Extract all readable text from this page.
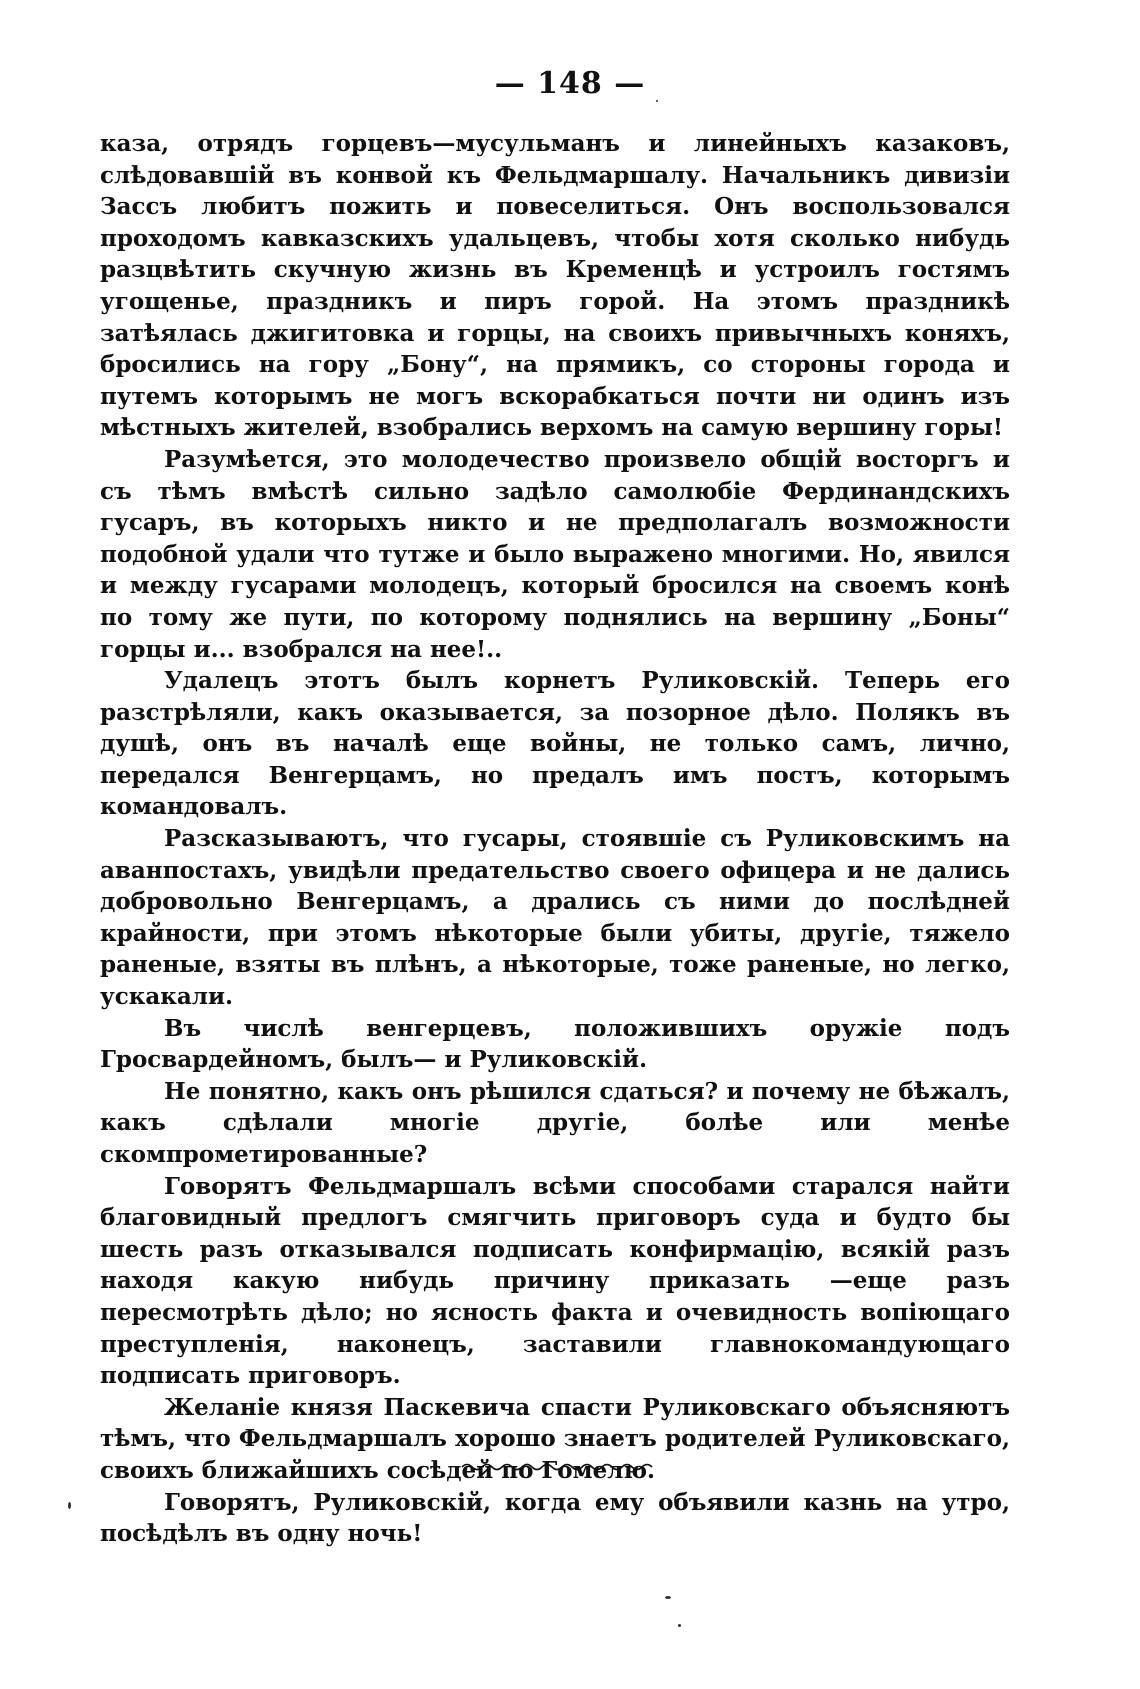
— 148 —

каза, отрядъ горцевъ—мусульманъ и линейныхъ казаковъ, слѣдовавшій въ конвой къ Фельдмаршалу. Начальникъ дивизіи Зассъ любитъ пожить и повеселиться. Онъ воспользовался проходомъ кавказскихъ удальцевъ, чтобы хотя сколько нибудь разцвѣтить скучную жизнь въ Кременцѣ и устроилъ гостямъ угощенье, праздникъ и пиръ горой. На этомъ праздникѣ затѣялась джигитовка и горцы, на своихъ привычныхъ коняхъ, бросились на гору „Бону“, на прямикъ, со стороны города и путемъ которымъ не могъ вскорабкаться почти ни одинъ изъ мѣстныхъ жителей, взобрались верхомъ на самую вершину горы!

Разумѣется, это молодечество произвело общій восторгъ и съ тѣмъ вмѣстѣ сильно задѣло самолюбіе Фердинандскихъ гусаръ, въ которыхъ никто и не предполагалъ возможности подобной удали что тутже и было выражено многими. Но, явился и между гусарами молодецъ, который бросился на своемъ конѣ по тому же пути, по которому поднялись на вершину „Боны“ горцы и... взобрался на нее!..

Удалецъ этотъ былъ корнетъ Руликовскій. Теперь его разстрѣляли, какъ оказывается, за позорное дѣло. Полякъ въ душѣ, онъ въ началѣ еще войны, не только самъ, лично, передался Венгерцамъ, но предалъ имъ постъ, которымъ командовалъ.

Разсказываютъ, что гусары, стоявшіе съ Руликовскимъ на аванпостахъ, увидѣли предательство своего офицера и не дались добровольно Венгерцамъ, а дрались съ ними до послѣдней крайности, при этомъ нѣкоторые были убиты, другіе, тяжело раненые, взяты въ плѣнъ, а нѣкоторые, тоже раненые, но легко, ускакали.

Въ числѣ венгерцевъ, положившихъ оружіе подъ Гросвардейномъ, былъ— и Руликовскій.

Не понятно, какъ онъ рѣшился сдаться? и почему не бѣжалъ, какъ сдѣлали многіе другіе, болѣе или менѣе скомпрометированные?

Говорятъ Фельдмаршалъ всѣми способами старался найти благовидный предлогъ смягчить приговоръ суда и будто бы шесть разъ отказывался подписать конфирмацію, всякій разъ находя какую нибудь причину приказать —еще разъ пересмотрѣть дѣло; но ясность факта и очевидность вопіющаго преступленія, наконецъ, заставили главнокомандующаго подписать приговоръ.

Желаніе князя Паскевича спасти Руликовскаго объясняютъ тѣмъ, что Фельдмаршалъ хорошо знаетъ родителей Руликовскаго, своихъ ближайшихъ сосѣдей по Гомелю.

Говорятъ, Руликовскій, когда ему объявили казнь на утро, посѣдѣлъ въ одну ночь!
